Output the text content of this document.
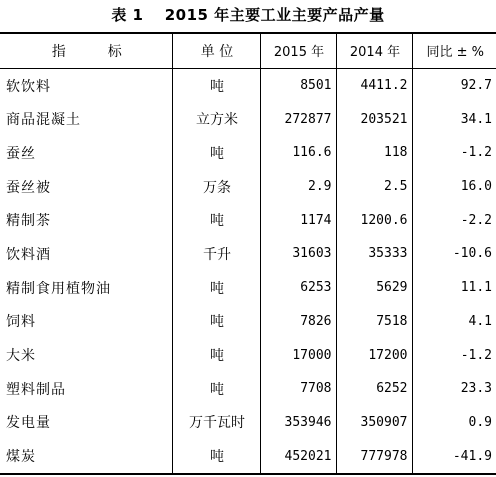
表 1　 2015 年主要工业主要产品产量
指　　　标	单 位	2015 年	2014 年	同比 ± %
软饮料	吨	8501	4411.2	92.7
商品混凝土	立方米	272877	203521	34.1
蚕丝	吨	116.6	118	-1.2
蚕丝被	万条	2.9	2.5	16.0
精制茶	吨	1174	1200.6	-2.2
饮料酒	千升	31603	35333	-10.6
精制食用植物油	吨	6253	5629	11.1
饲料	吨	7826	7518	4.1
大米	吨	17000	17200	-1.2
塑料制品	吨	7708	6252	23.3
发电量	万千瓦时	353946	350907	0.9
煤炭	吨	452021	777978	-41.9
